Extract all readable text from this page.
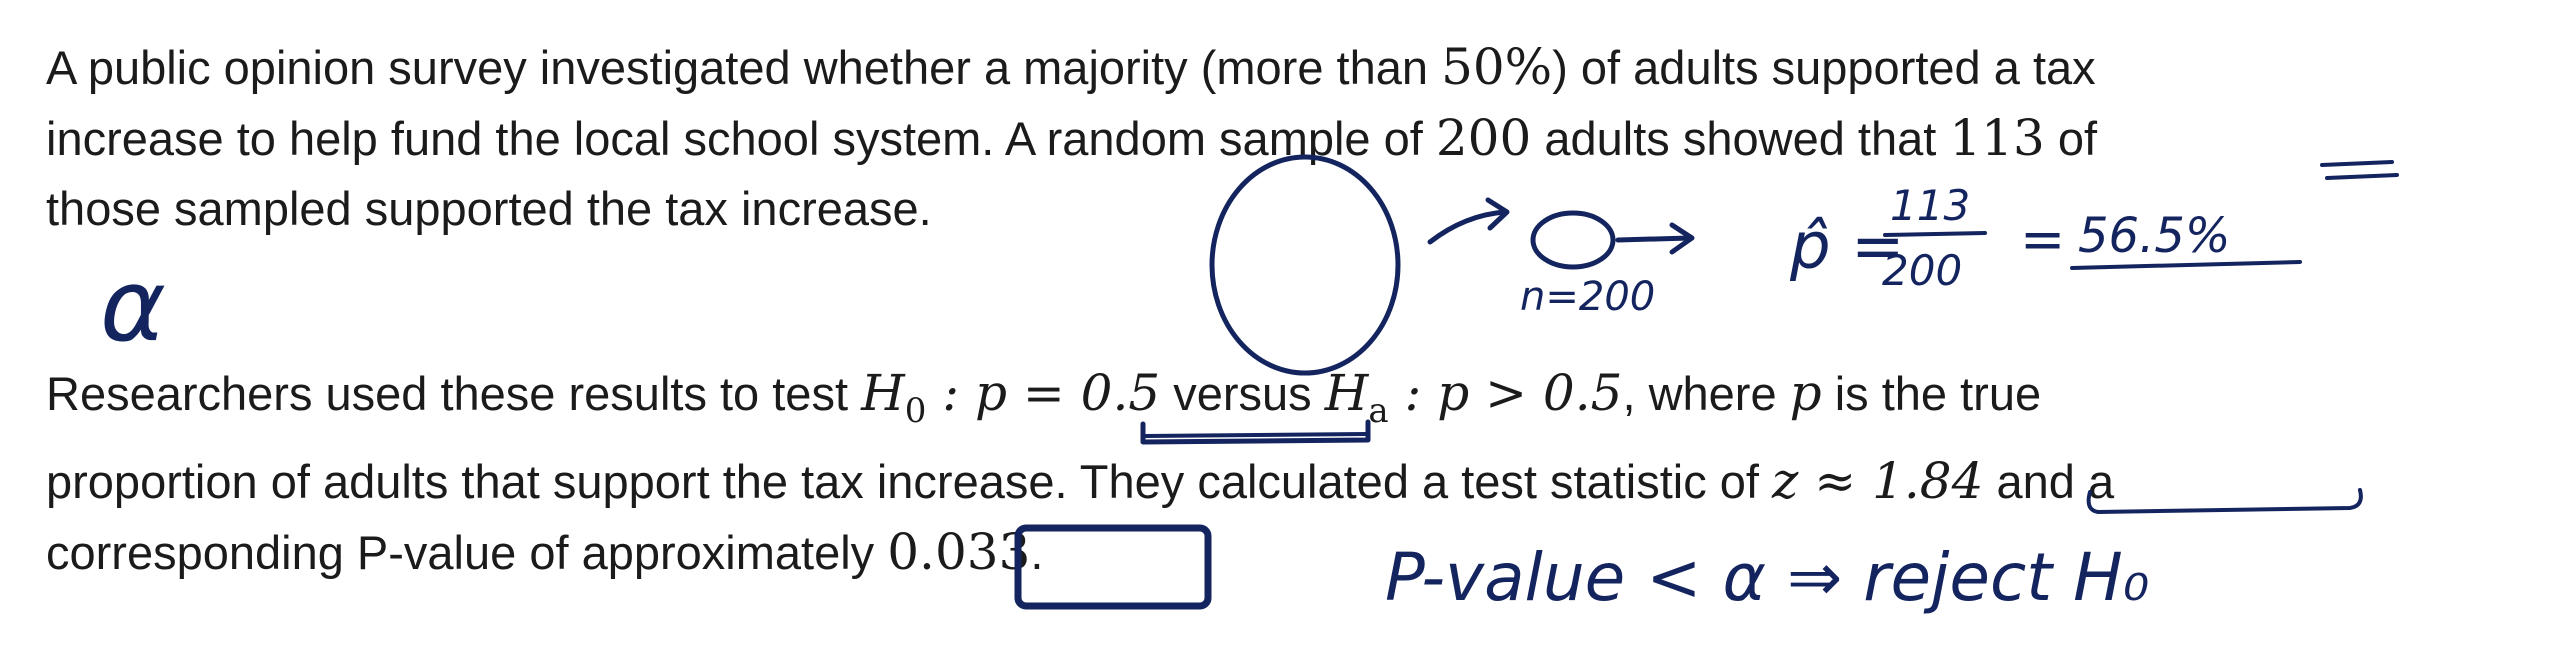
A public opinion survey investigated whether a majority (more than 50%) of adults supported a tax
increase to help fund the local school system. A random sample of 200 adults showed that 113 of
those sampled supported the tax increase.
Researchers used these results to test $H_0$ : p = 0.5 versus $H_a$ : p > 0.5, where p is the true
proportion of adults that support the tax increase. They calculated a test statistic of z ≈ 1.84 and a
corresponding P-value of approximately 0.033.
n=200
p̂ =
113
200 = 56.5%
α
P-value < α ⇒ reject H₀
